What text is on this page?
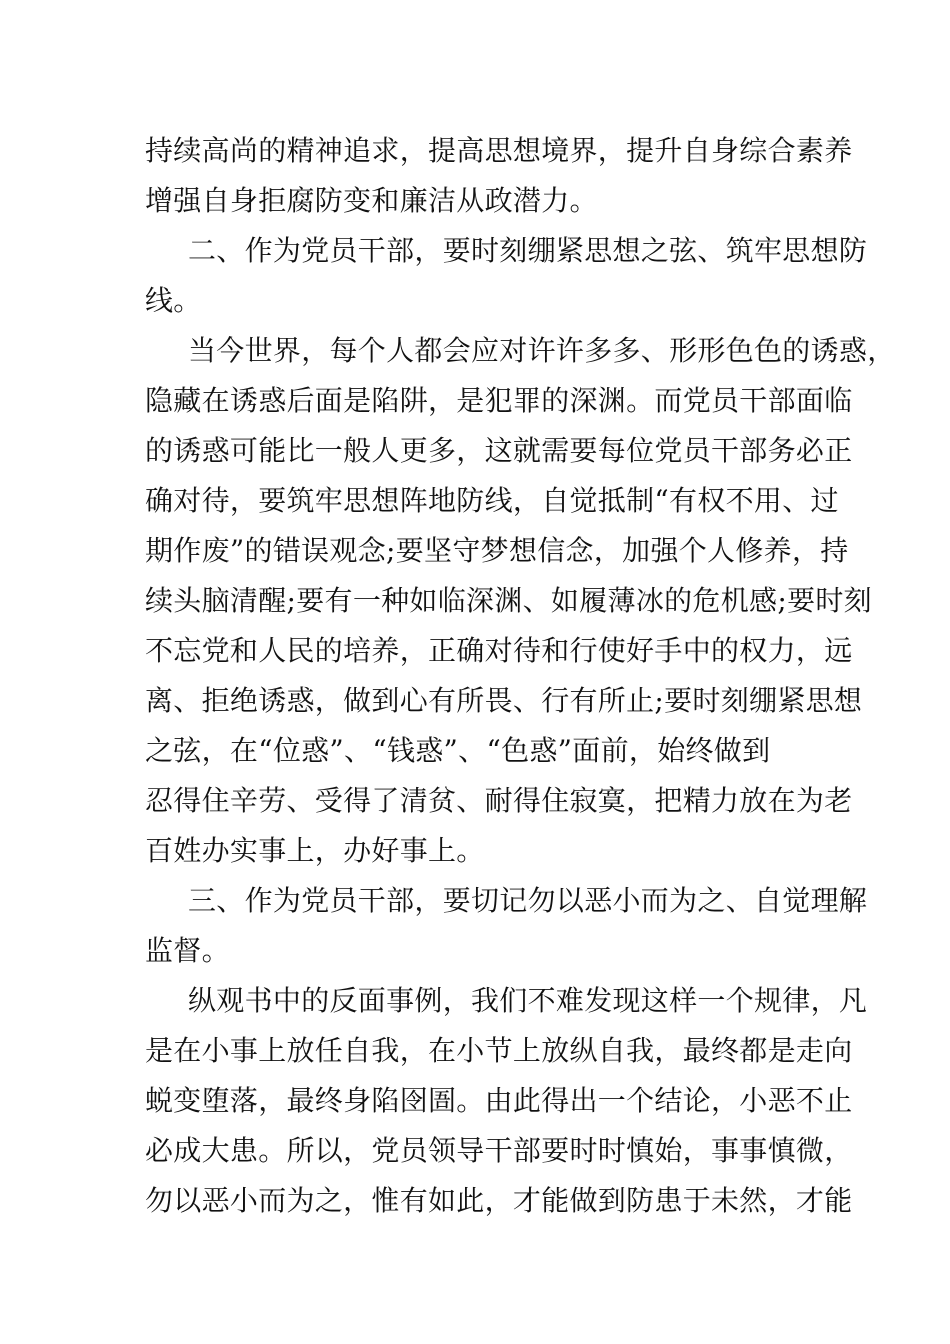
持续高尚的精神追求，提高思想境界，提升自身综合素养
增强自身拒腐防变和廉洁从政潜力。
二、作为党员干部，要时刻绷紧思想之弦、筑牢思想防
线。
当今世界，每个人都会应对许许多多、形形色色的诱惑，
隐藏在诱惑后面是陷阱，是犯罪的深渊。而党员干部面临
的诱惑可能比一般人更多，这就需要每位党员干部务必正
确对待，要筑牢思想阵地防线，自觉抵制“有权不用、过
期作废”的错误观念;要坚守梦想信念，加强个人修养，持
续头脑清醒;要有一种如临深渊、如履薄冰的危机感;要时刻
不忘党和人民的培养，正确对待和行使好手中的权力，远
离、拒绝诱惑，做到心有所畏、行有所止;要时刻绷紧思想
之弦，在“位惑”、“钱惑”、“色惑”面前，始终做到
忍得住辛劳、受得了清贫、耐得住寂寞，把精力放在为老
百姓办实事上，办好事上。
三、作为党员干部，要切记勿以恶小而为之、自觉理解
监督。
纵观书中的反面事例，我们不难发现这样一个规律，凡
是在小事上放任自我，在小节上放纵自我，最终都是走向
蜕变堕落，最终身陷囹圄。由此得出一个结论，小恶不止
必成大患。所以，党员领导干部要时时慎始，事事慎微，
勿以恶小而为之，惟有如此，才能做到防患于未然，才能
